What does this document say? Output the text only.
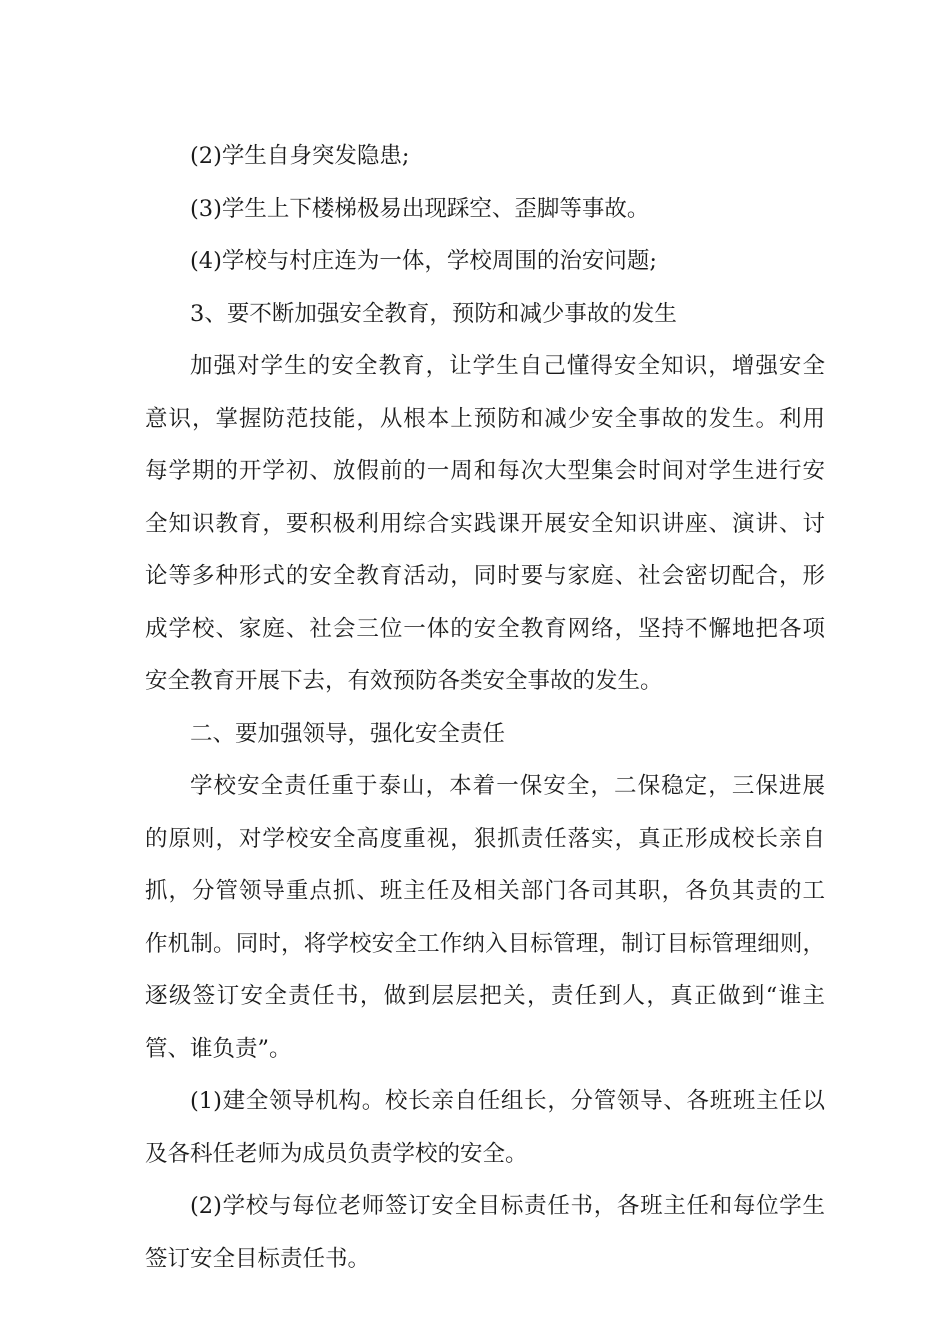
(2)学生自身突发隐患;
(3)学生上下楼梯极易出现踩空、歪脚等事故。
(4)学校与村庄连为一体，学校周围的治安问题;
3、要不断加强安全教育，预防和减少事故的发生
加强对学生的安全教育，让学生自己懂得安全知识，增强安全
意识，掌握防范技能，从根本上预防和减少安全事故的发生。利用
每学期的开学初、放假前的一周和每次大型集会时间对学生进行安
全知识教育，要积极利用综合实践课开展安全知识讲座、演讲、讨
论等多种形式的安全教育活动，同时要与家庭、社会密切配合，形
成学校、家庭、社会三位一体的安全教育网络，坚持不懈地把各项
安全教育开展下去，有效预防各类安全事故的发生。
二、要加强领导，强化安全责任
学校安全责任重于泰山，本着一保安全，二保稳定，三保进展
的原则，对学校安全高度重视，狠抓责任落实，真正形成校长亲自
抓，分管领导重点抓、班主任及相关部门各司其职，各负其责的工
作机制。同时，将学校安全工作纳入目标管理，制订目标管理细则，
逐级签订安全责任书，做到层层把关，责任到人，真正做到“谁主
管、谁负责”。
(1)建全领导机构。校长亲自任组长，分管领导、各班班主任以
及各科任老师为成员负责学校的安全。
(2)学校与每位老师签订安全目标责任书，各班主任和每位学生
签订安全目标责任书。
